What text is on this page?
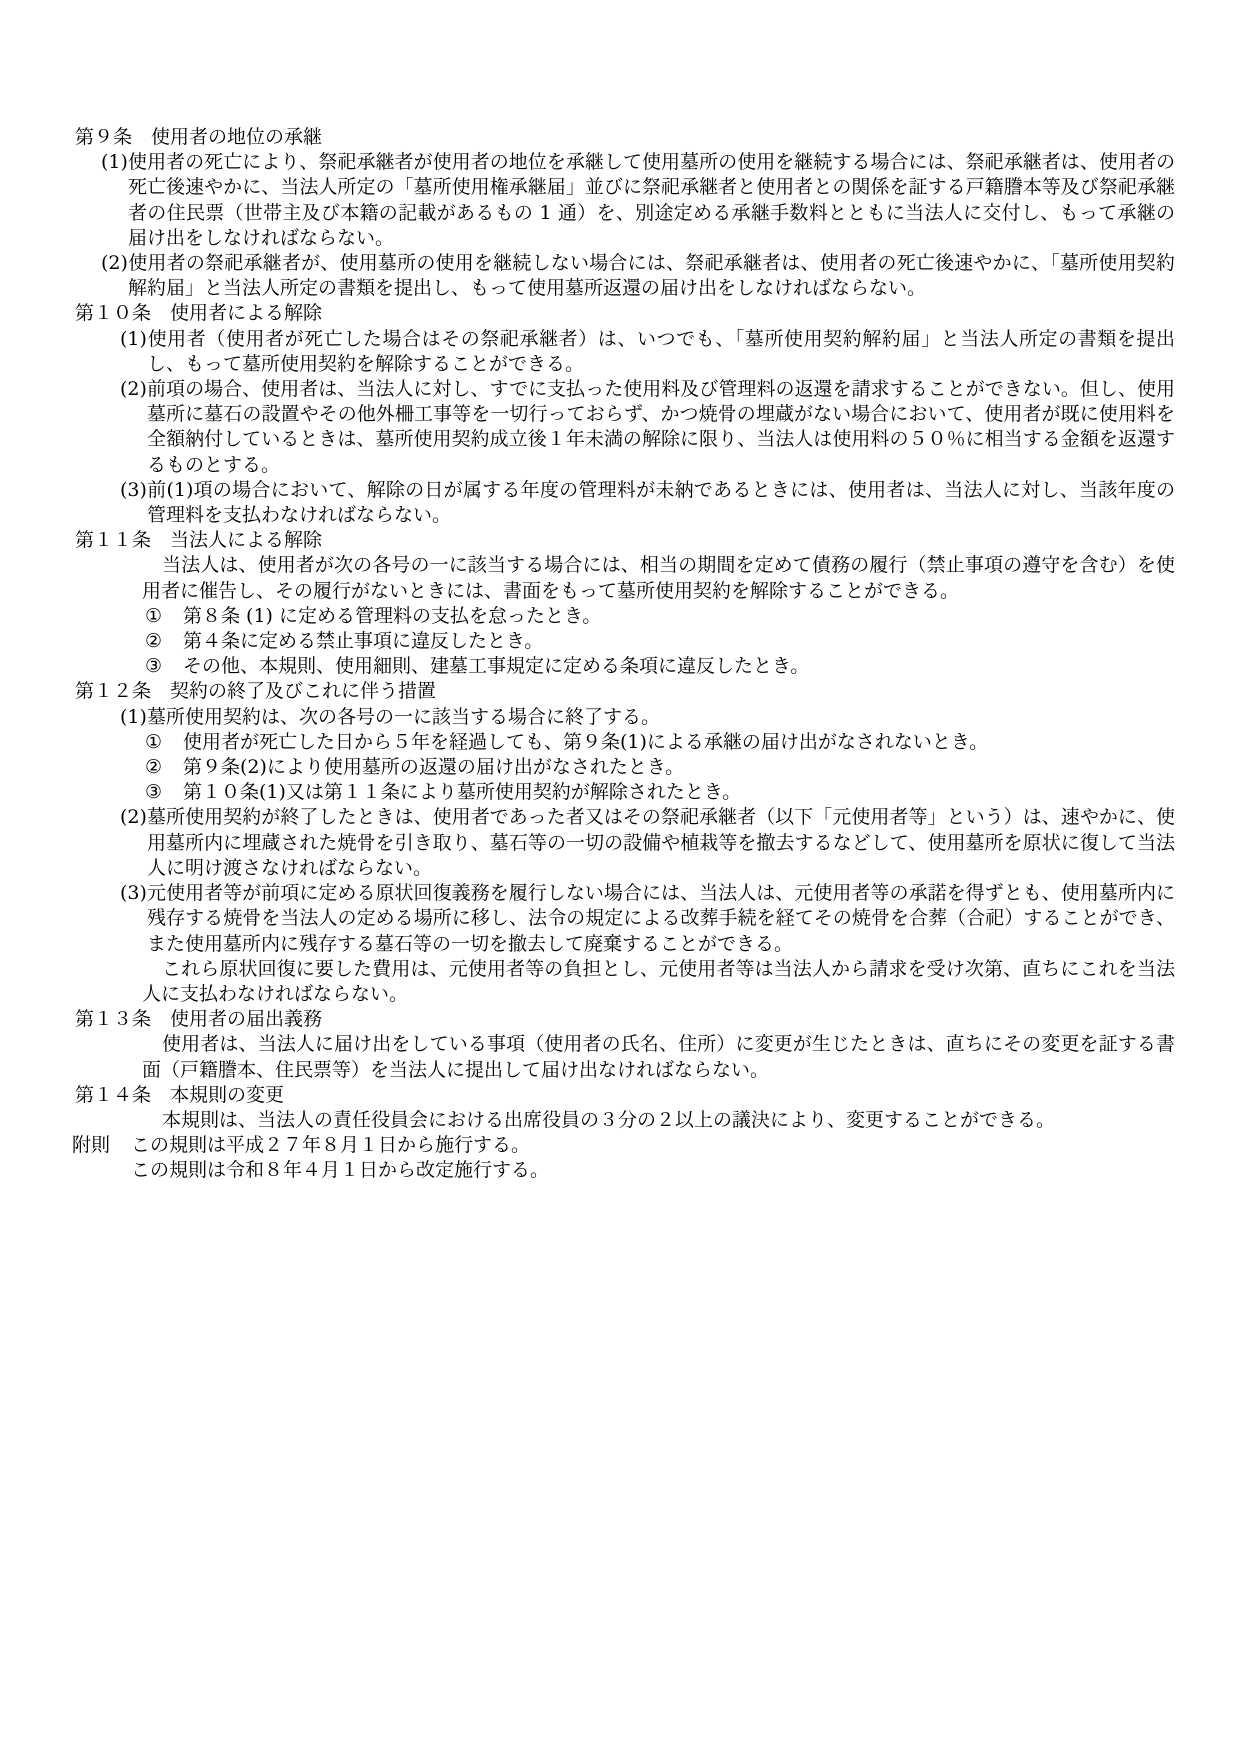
第９条　使用者の地位の承継

(1)使用者の死亡により、祭祀承継者が使用者の地位を承継して使用墓所の使用を継続する場合には、祭祀承継者は、使用者の死亡後速やかに、当法人所定の「墓所使用権承継届」並びに祭祀承継者と使用者との関係を証する戸籍謄本等及び祭祀承継者の住民票（世帯主及び本籍の記載があるもの 1 通）を、別途定める承継手数料とともに当法人に交付し、もって承継の届け出をしなければならない。

(2)使用者の祭祀承継者が、使用墓所の使用を継続しない場合には、祭祀承継者は、使用者の死亡後速やかに、「墓所使用契約解約届」と当法人所定の書類を提出し、もって使用墓所返還の届け出をしなければならない。

第１０条　使用者による解除

(1)使用者（使用者が死亡した場合はその祭祀承継者）は、いつでも、「墓所使用契約解約届」と当法人所定の書類を提出し、もって墓所使用契約を解除することができる。

(2)前項の場合、使用者は、当法人に対し、すでに支払った使用料及び管理料の返還を請求することができない。但し、使用墓所に墓石の設置やその他外柵工事等を一切行っておらず、かつ焼骨の埋蔵がない場合において、使用者が既に使用料を全額納付しているときは、墓所使用契約成立後１年未満の解除に限り、当法人は使用料の５０％に相当する金額を返還するものとする。

(3)前(1)項の場合において、解除の日が属する年度の管理料が未納であるときには、使用者は、当法人に対し、当該年度の管理料を支払わなければならない。

第１１条　当法人による解除

当法人は、使用者が次の各号の一に該当する場合には、相当の期間を定めて債務の履行（禁止事項の遵守を含む）を使用者に催告し、その履行がないときには、書面をもって墓所使用契約を解除することができる。

① 第８条 (1) に定める管理料の支払を怠ったとき。

② 第４条に定める禁止事項に違反したとき。

③ その他、本規則、使用細則、建墓工事規定に定める条項に違反したとき。

第１２条　契約の終了及びこれに伴う措置

(1)墓所使用契約は、次の各号の一に該当する場合に終了する。

① 使用者が死亡した日から５年を経過しても、第９条(1)による承継の届け出がなされないとき。

② 第９条(2)により使用墓所の返還の届け出がなされたとき。

③ 第１０条(1)又は第１１条により墓所使用契約が解除されたとき。

(2)墓所使用契約が終了したときは、使用者であった者又はその祭祀承継者（以下「元使用者等」という）は、速やかに、使用墓所内に埋蔵された焼骨を引き取り、墓石等の一切の設備や植栽等を撤去するなどして、使用墓所を原状に復して当法人に明け渡さなければならない。

(3)元使用者等が前項に定める原状回復義務を履行しない場合には、当法人は、元使用者等の承諾を得ずとも、使用墓所内に残存する焼骨を当法人の定める場所に移し、法令の規定による改葬手続を経てその焼骨を合葬（合祀）することができ、また使用墓所内に残存する墓石等の一切を撤去して廃棄することができる。

これら原状回復に要した費用は、元使用者等の負担とし、元使用者等は当法人から請求を受け次第、直ちにこれを当法人に支払わなければならない。

第１３条　使用者の届出義務

使用者は、当法人に届け出をしている事項（使用者の氏名、住所）に変更が生じたときは、直ちにその変更を証する書面（戸籍謄本、住民票等）を当法人に提出して届け出なければならない。

第１４条　本規則の変更

本規則は、当法人の責任役員会における出席役員の３分の２以上の議決により、変更することができる。

附則 この規則は平成２７年８月１日から施行する。

この規則は令和８年４月１日から改定施行する。
